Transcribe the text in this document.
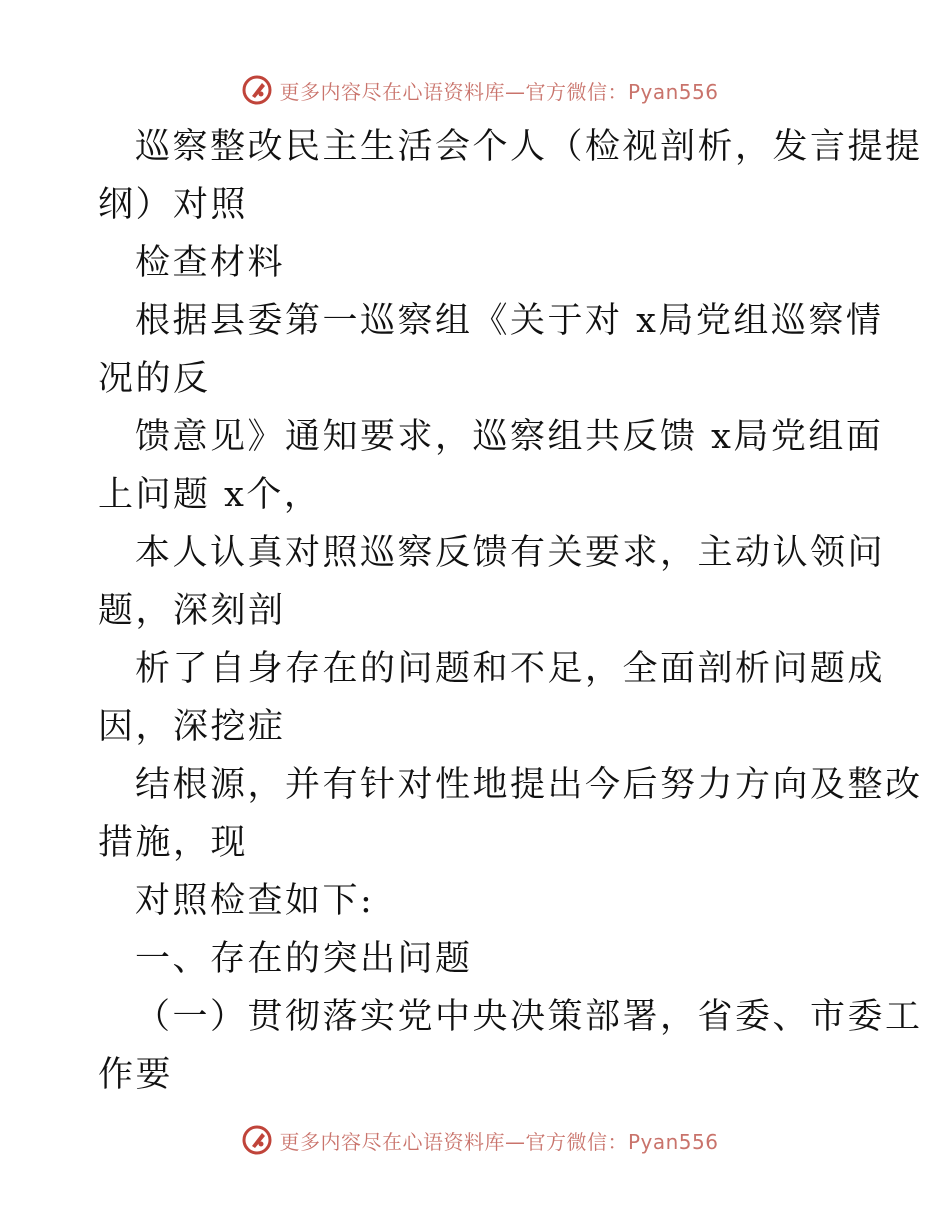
更多内容尽在心语资料库—官方微信：Pyan556
巡察整改民主生活会个人（检视剖析，发言提提
纲）对照
检查材料
根据县委第一巡察组《关于对 x局党组巡察情
况的反
馈意见》通知要求，巡察组共反馈 x局党组面
上问题 x个，
本人认真对照巡察反馈有关要求，主动认领问
题，深刻剖
析了自身存在的问题和不足，全面剖析问题成
因，深挖症
结根源，并有针对性地提出今后努力方向及整改
措施，现
对照检查如下:
一、存在的突出问题
（一）贯彻落实党中央决策部署，省委、市委工
作要
更多内容尽在心语资料库—官方微信：Pyan556
